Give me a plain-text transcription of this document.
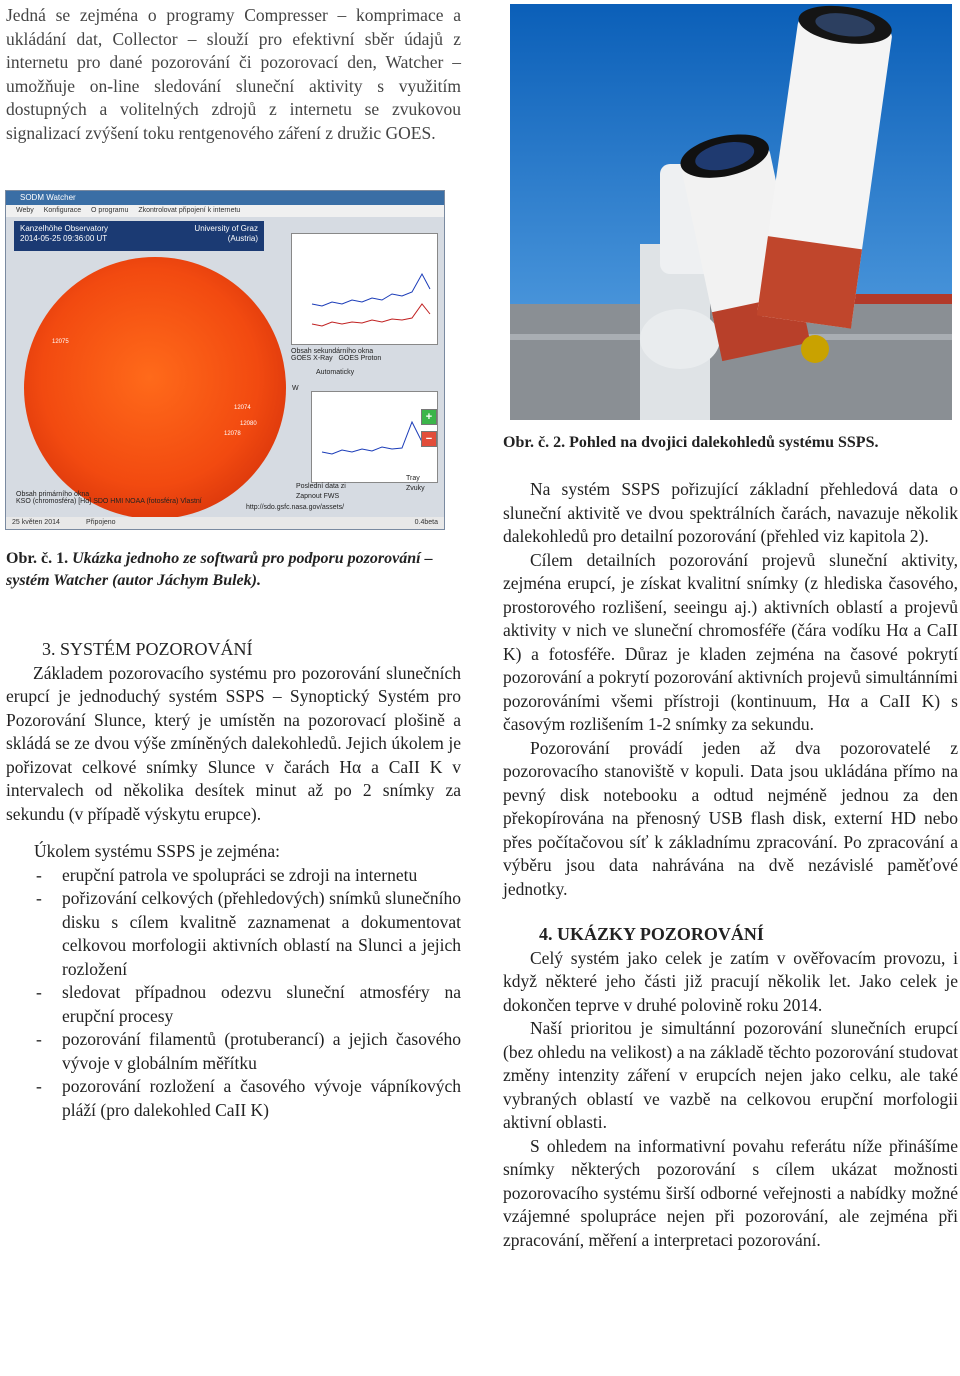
Jedná se zejména o programy Compresser – komprimace a ukládání dat, Collector – slouží pro efektivní sběr údajů z internetu pro dané pozorování či pozorovací den, Watcher – umožňuje on-line sledování sluneční aktivity s využitím dostupných a volitelných zdrojů z internetu se zvukovou signalizací zvýšení toku rentgenového záření z družic GOES.

SODM Watcher
Weby Konfigurace O programu Zkontrolovat připojení k internetu
Kanzelhöhe Observatory
2014-05-25 09:36:00 UT
University of Graz (Austria)
12075
12074
12080
12078
W
Obsah sekundárního okna
GOES X-Ray GOES Proton
Automaticky
+
−
Poslední data zi
Zapnout FWS
Tray
Zvuky
Obsah primárního okna
KSO (chromosféra) [Hα] SDO HMI NOAA (fotosféra) Vlastní
http://sdo.gsfc.nasa.gov/assets/
25 květen 2014	Připojeno	0.4beta
Obr. č. 1. Ukázka jednoho ze softwarů pro podporu pozorování – systém Watcher (autor Jáchym Bulek).

3. SYSTÉM POZOROVÁNÍ

Základem pozorovacího systému pro pozorování slunečních erupcí je jednoduchý systém SSPS – Synoptický Systém pro Pozorování Slunce, který je umístěn na pozorovací plošině a skládá se ze dvou výše zmíněných dalekohledů. Jejich úkolem je pořizovat celkové snímky Slunce v čarách Hα a CaII K v intervalech od několika desítek minut až po 2 snímky za sekundu (v případě výskytu erupce).

Úkolem systému SSPS je zejména:

- erupční patrola ve spolupráci se zdroji na internetu
- pořizování celkových (přehledových) snímků slunečního disku s cílem kvalitně zaznamenat a dokumentovat celkovou morfologii aktivních oblastí na Slunci a jejich rozložení
- sledovat případnou odezvu sluneční atmosféry na erupční procesy
- pozorování filamentů (protuberancí) a jejich časového vývoje v globálním měřítku
- pozorování rozložení a časového vývoje vápníkových pláží (pro dalekohled CaII K)
Obr. č. 2. Pohled na dvojici dalekohledů systému SSPS.

Na systém SSPS pořizující základní přehledová data o sluneční aktivitě ve dvou spektrálních čarách, navazuje několik dalekohledů pro detailní pozorování (přehled viz kapitola 2).

Cílem detailních pozorování projevů sluneční aktivity, zejména erupcí, je získat kvalitní snímky (z hlediska časového, prostorového rozlišení, seeingu aj.) aktivních oblastí a projevů aktivity v nich ve sluneční chromosféře (čára vodíku Hα a CaII K) a fotosféře. Důraz je kladen zejména na časové pokrytí pozorování a pokrytí pozorování aktivních projevů simultánními pozorováními všemi přístroji (kontinuum, Hα a CaII K) s časovým rozlišením 1-2 snímky za sekundu.

Pozorování provádí jeden až dva pozorovatelé z pozorovacího stanoviště v kopuli. Data jsou ukládána přímo na pevný disk notebooku a odtud nejméně jednou za den překopírována na přenosný USB flash disk, externí HD nebo přes počítačovou síť k základnímu zpracování. Po zpracování a výběru jsou data nahrávána na dvě nezávislé paměťové jednotky.

4. UKÁZKY POZOROVÁNÍ

Celý systém jako celek je zatím v ověřovacím provozu, i když některé jeho části již pracují několik let. Jako celek je dokončen teprve v druhé polovině roku 2014.

Naší prioritou je simultánní pozorování slunečních erupcí (bez ohledu na velikost) a na základě těchto pozorování studovat změny intenzity záření v erupcích nejen jako celku, ale také vybraných oblastí ve vazbě na celkovou erupční morfologii aktivní oblasti.

S ohledem na informativní povahu referátu níže přinášíme snímky některých pozorování s cílem ukázat možnosti pozorovacího systému širší odborné veřejnosti a nabídky možné vzájemné spolupráce nejen při pozorování, ale zejména při zpracování, měření a interpretaci pozorování.
